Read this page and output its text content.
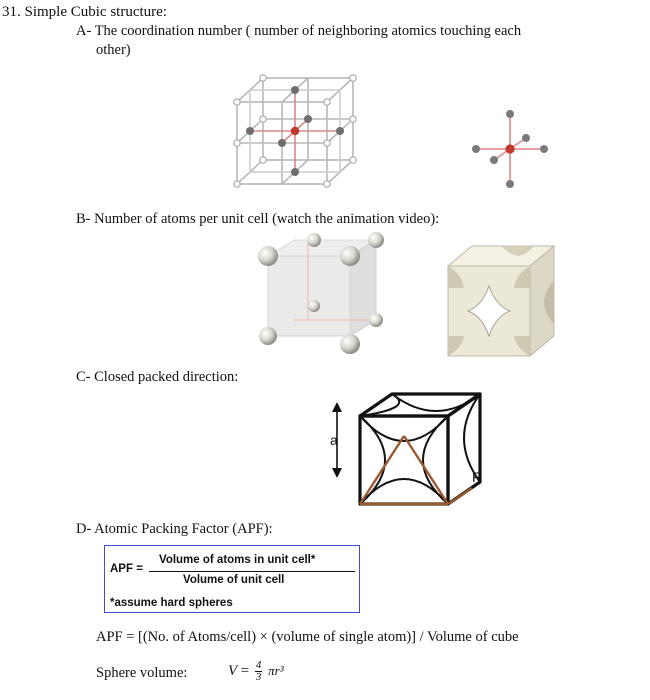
31. Simple Cubic structure:
A- The coordination number ( number of neighboring atomics touching each
other)
B- Number of atoms per unit cell (watch the animation video):
C- Closed packed direction:
a
R
D- Atomic Packing Factor (APF):
APF =
Volume of atoms in unit cell*
Volume of unit cell
*assume hard spheres
APF = [(No. of Atoms/cell) × (volume of single atom)] / Volume of cube
Sphere volume:	$V = \frac{4}{3} \pi r^3$
